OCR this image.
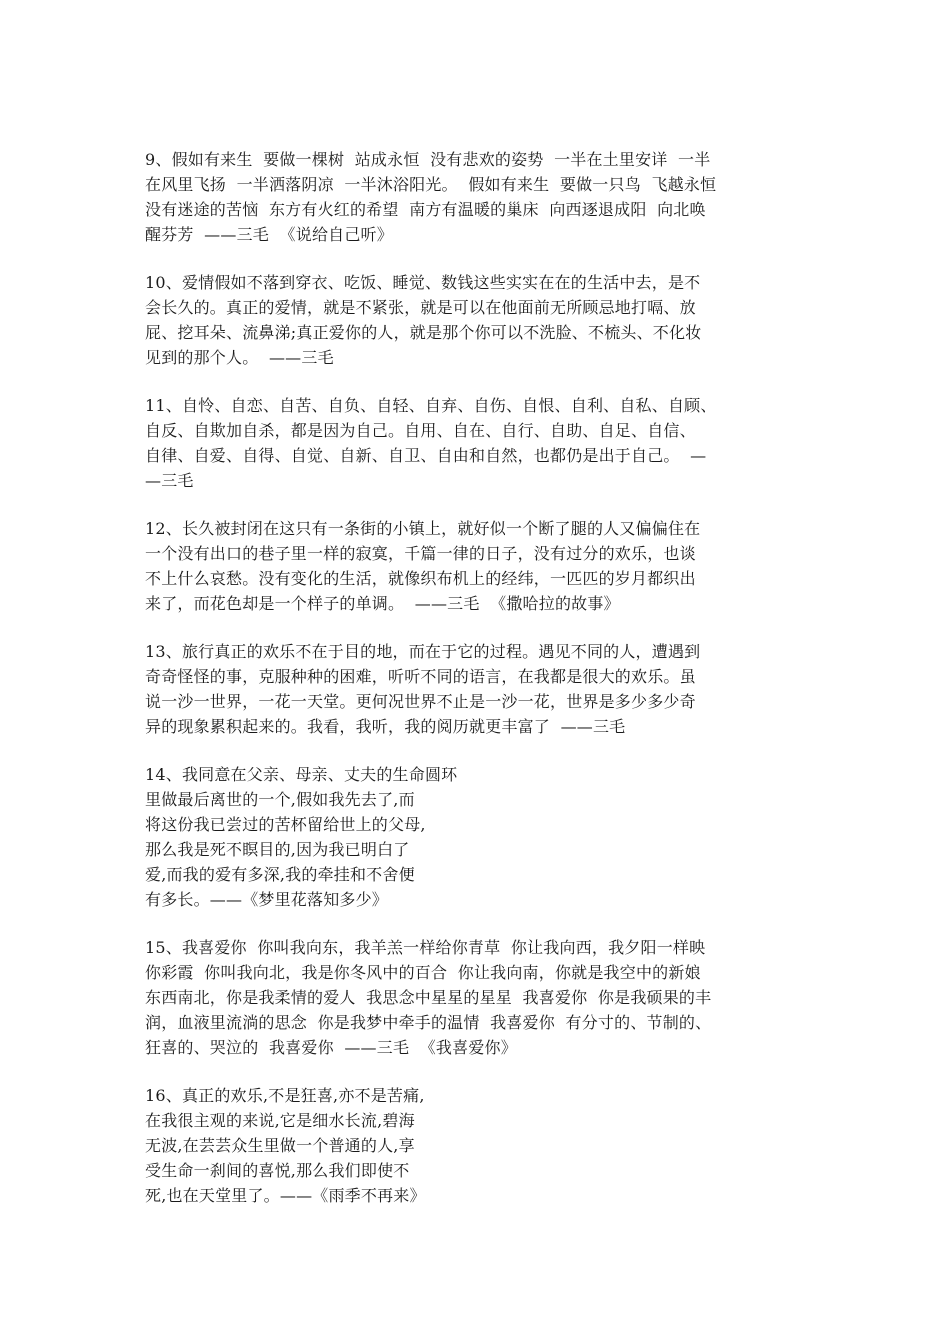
9、假如有来生  要做一棵树  站成永恒  没有悲欢的姿势  一半在土里安详  一半
在风里飞扬  一半洒落阴凉  一半沐浴阳光。  假如有来生  要做一只鸟  飞越永恒
没有迷途的苦恼  东方有火红的希望  南方有温暖的巢床  向西逐退成阳  向北唤
醒芬芳  ——三毛  《说给自己听》
10、爱情假如不落到穿衣、吃饭、睡觉、数钱这些实实在在的生活中去，是不
会长久的。真正的爱情，就是不紧张，就是可以在他面前无所顾忌地打嗝、放
屁、挖耳朵、流鼻涕;真正爱你的人，就是那个你可以不洗脸、不梳头、不化妆
见到的那个人。  ——三毛
11、自怜、自恋、自苦、自负、自轻、自弃、自伤、自恨、自利、自私、自顾、
自反、自欺加自杀，都是因为自己。自用、自在、自行、自助、自足、自信、
自律、自爱、自得、自觉、自新、自卫、自由和自然，也都仍是出于自己。  —
—三毛
12、长久被封闭在这只有一条街的小镇上，就好似一个断了腿的人又偏偏住在
一个没有出口的巷子里一样的寂寞，千篇一律的日子，没有过分的欢乐，也谈
不上什么哀愁。没有变化的生活，就像织布机上的经纬，一匹匹的岁月都织出
来了，而花色却是一个样子的单调。  ——三毛  《撒哈拉的故事》
13、旅行真正的欢乐不在于目的地，而在于它的过程。遇见不同的人，遭遇到
奇奇怪怪的事，克服种种的困难，听听不同的语言，在我都是很大的欢乐。虽
说一沙一世界，一花一天堂。更何况世界不止是一沙一花，世界是多少多少奇
异的现象累积起来的。我看，我听，我的阅历就更丰富了  ——三毛
14、我同意在父亲、母亲、丈夫的生命圆环
里做最后离世的一个,假如我先去了,而
将这份我已尝过的苦杯留给世上的父母,
那么我是死不瞑目的,因为我已明白了
爱,而我的爱有多深,我的牵挂和不舍便
有多长。——《梦里花落知多少》
15、我喜爱你  你叫我向东，我羊羔一样给你青草  你让我向西，我夕阳一样映
你彩霞  你叫我向北，我是你冬风中的百合  你让我向南，你就是我空中的新娘
东西南北，你是我柔情的爱人  我思念中星星的星星  我喜爱你  你是我硕果的丰
润，血液里流淌的思念  你是我梦中牵手的温情  我喜爱你  有分寸的、节制的、
狂喜的、哭泣的  我喜爱你  ——三毛  《我喜爱你》
16、真正的欢乐,不是狂喜,亦不是苦痛,
在我很主观的来说,它是细水长流,碧海
无波,在芸芸众生里做一个普通的人,享
受生命一刹间的喜悦,那么我们即使不
死,也在天堂里了。——《雨季不再来》
